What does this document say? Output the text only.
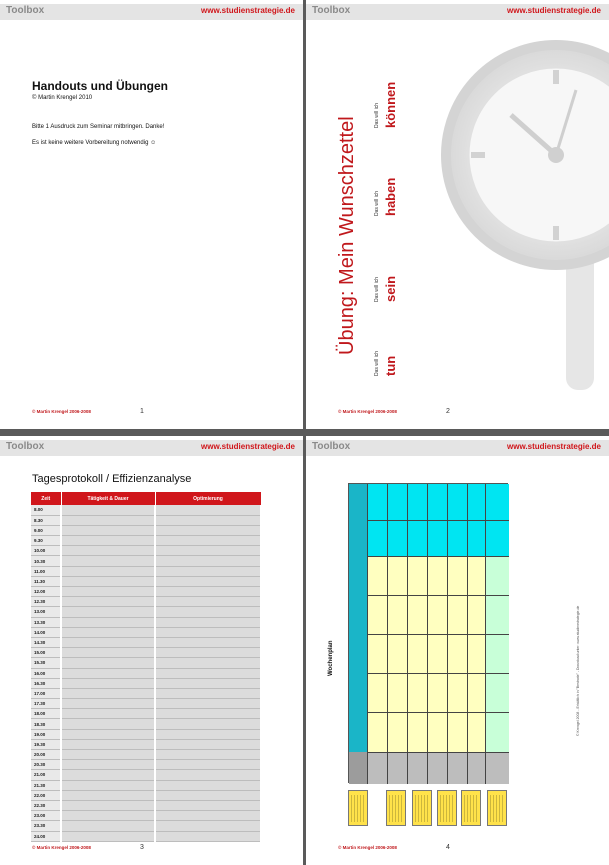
Toolbox	www.studienstrategie.de
Handouts und Übungen
© Martin Krengel 2010
Bitte 1 Ausdruck zum Seminar mitbringen. Danke!
Es ist keine weitere Vorbereitung notwendig ☺
© Martin Krengel 2006-2008	1
Toolbox	www.studienstrategie.de
Übung: Mein Wunschzettel
Das will ich tun
Das will ich sein
Das will ich haben
Das will ich können
© Martin Krengel 2006-2008	2
Toolbox	www.studienstrategie.de
Tagesprotokoll / Effizienzanalyse
Zeit	Tätigkeit & Dauer	Optimierung
8.00		
8.30		
9.00		
9.30		
10.00		
10.30		
11.00		
11.30		
12.00		
12.30		
13.00		
13.30		
14.00		
14.30		
15.00		
15.30		
16.00		
16.30		
17.00		
17.30		
18.00		
18.30		
19.00		
19.30		
20.00		
20.30		
21.00		
21.30		
22.00		
22.30		
23.00		
23.30		
24.00		
© Martin Krengel 2006-2008	3
Toolbox	www.studienstrategie.de
Wochenplan	© Krengel 2008 - Erhältlich in "Bestnote" - Download unter: www.studienstrategie.de
© Martin Krengel 2006-2008	4
